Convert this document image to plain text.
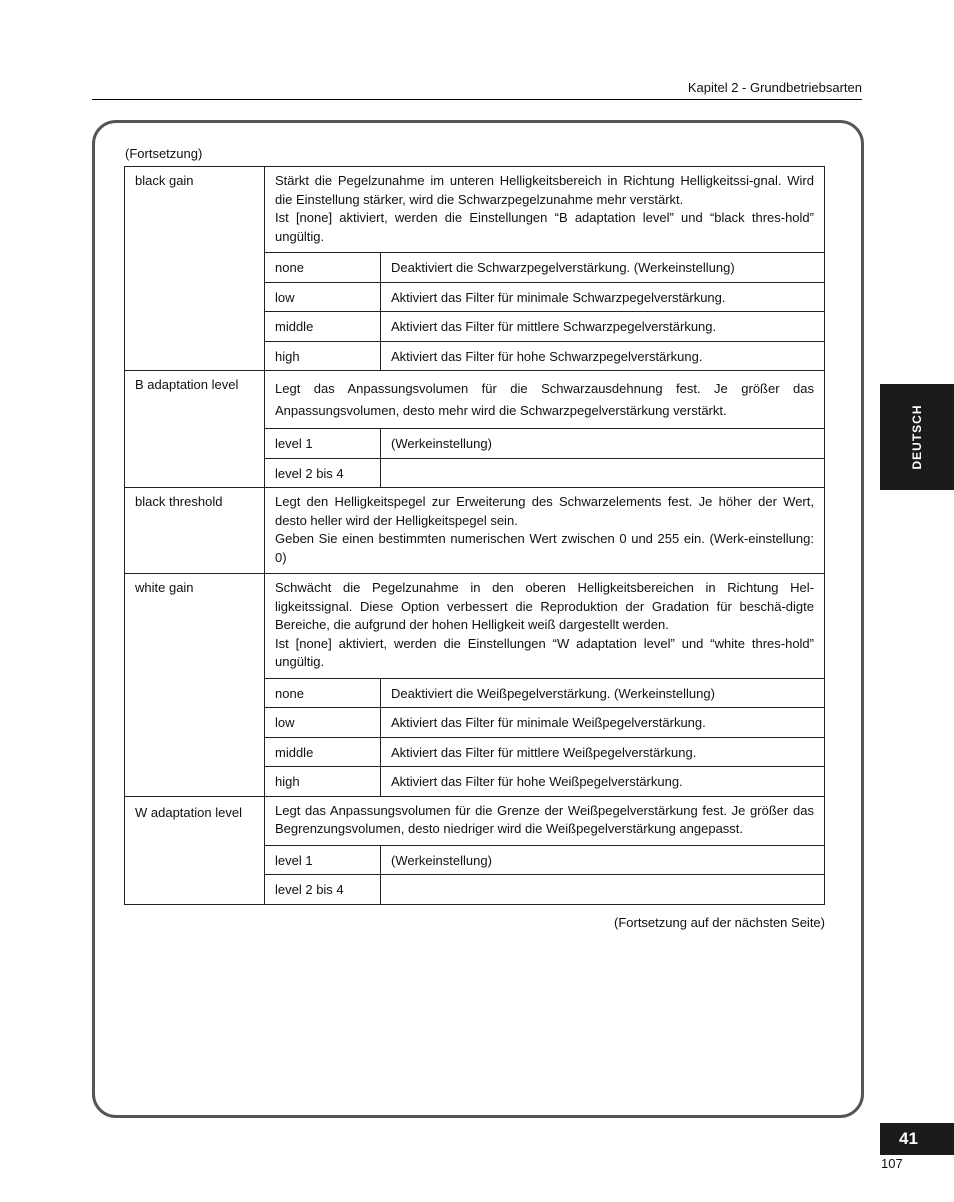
Kapitel 2 - Grundbetriebsarten
(Fortsetzung)
black gain	Stärkt die Pegelzunahme im unteren Helligkeitsbereich in Richtung Helligkeitssi-gnal. Wird die Einstellung stärker, wird die Schwarzpegelzunahme mehr verstärkt.
Ist [none] aktiviert, werden die Einstellungen “B adaptation level” und “black thres-hold” ungültig.	

	none	Deaktiviert die Schwarzpegelverstärkung. (Werkeinstellung)
	low	Aktiviert das Filter für minimale Schwarzpegelverstärkung.
	middle	Aktiviert das Filter für mittlere Schwarzpegelverstärkung.
	high	Aktiviert das Filter für hohe Schwarzpegelverstärkung.
B adaptation level	Legt das Anpassungsvolumen für die Schwarzausdehnung fest. Je größer das Anpassungsvolumen, desto mehr wird die Schwarzpegelverstärkung verstärkt.	

	level 1	(Werkeinstellung)
	level 2 bis 4	
black threshold	Legt den Helligkeitspegel zur Erweiterung des Schwarzelements fest. Je höher der Wert, desto heller wird der Helligkeitspegel sein.
Geben Sie einen bestimmten numerischen Wert zwischen 0 und 255 ein. (Werk-einstellung: 0)	

white gain	Schwächt die Pegelzunahme in den oberen Helligkeitsbereichen in Richtung Hel-ligkeitssignal. Diese Option verbessert die Reproduktion der Gradation für beschä-digte Bereiche, die aufgrund der hohen Helligkeit weiß dargestellt werden.
Ist [none] aktiviert, werden die Einstellungen “W adaptation level” und “white thres-hold” ungültig.	

	none	Deaktiviert die Weißpegelverstärkung. (Werkeinstellung)
	low	Aktiviert das Filter für minimale Weißpegelverstärkung.
	middle	Aktiviert das Filter für mittlere Weißpegelverstärkung.
	high	Aktiviert das Filter für hohe Weißpegelverstärkung.
W adaptation level	Legt das Anpassungsvolumen für die Grenze der Weißpegelverstärkung fest. Je größer das Begrenzungsvolumen, desto niedriger wird die Weißpegelverstärkung angepasst.	

	level 1	(Werkeinstellung)
	level 2 bis 4	
(Fortsetzung auf der nächsten Seite)
DEUTSCH
41
107
